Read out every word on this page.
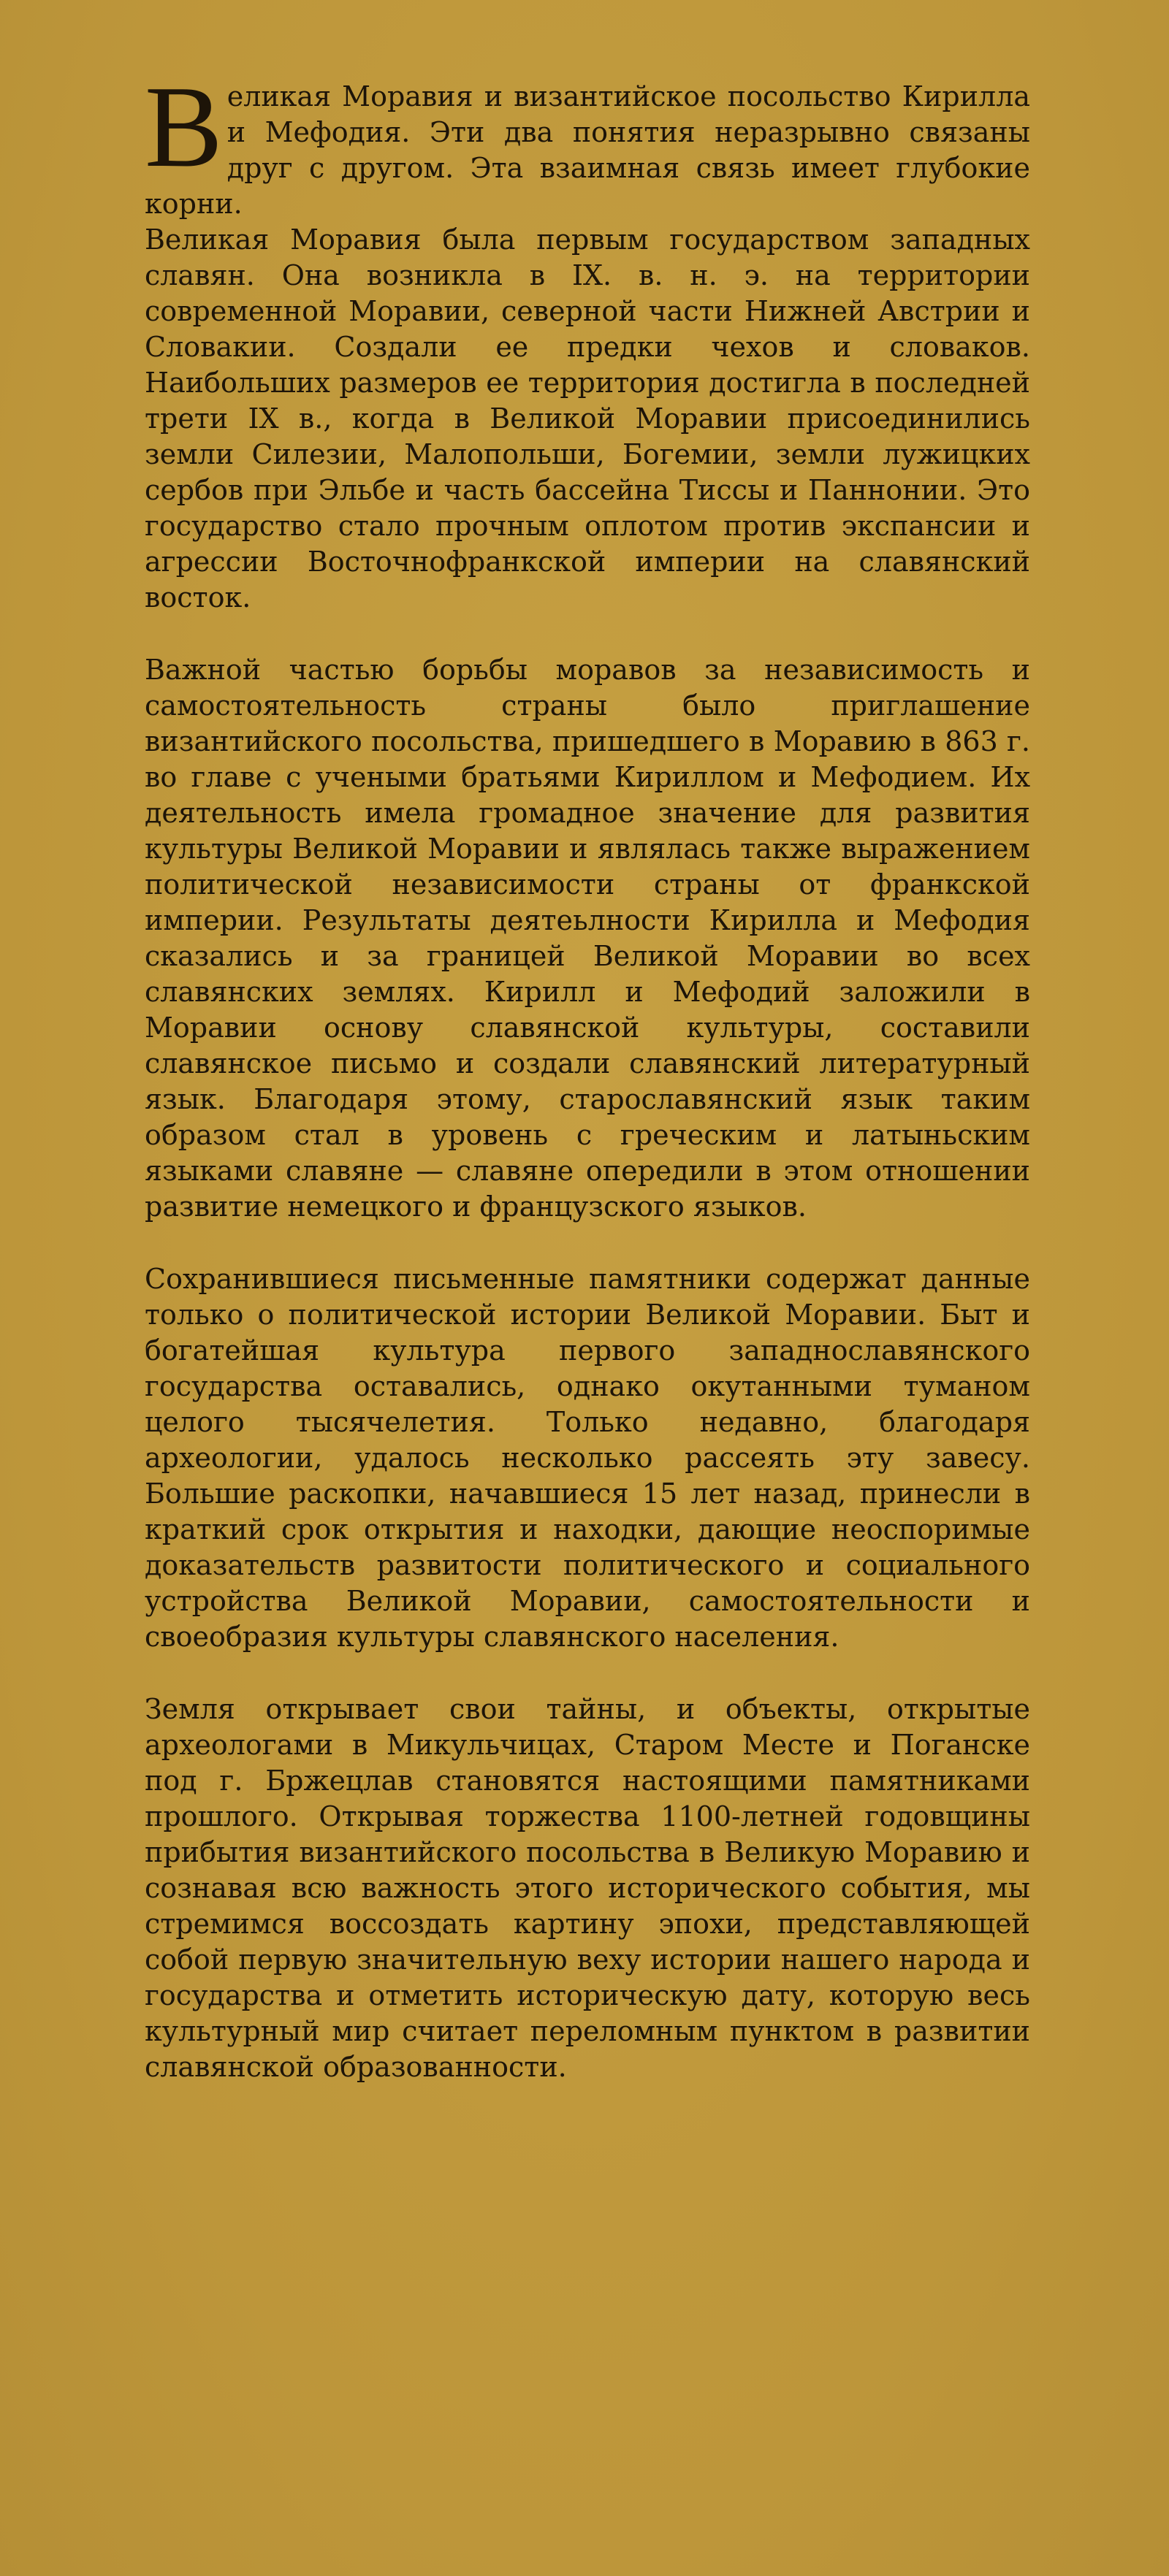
Великая Моравия и византийское посольство Кирилла и Мефодия. Эти два понятия неразрывно связаны друг с другом. Эта взаимная связь имеет глубокие корни.

Великая Моравия была первым государством западных славян. Она возникла в IX. в. н. э. на территории современной Моравии, северной части Нижней Австрии и Словакии. Создали ее предки чехов и словаков. Наибольших размеров ее территория достигла в последней трети IX в., когда в Великой Моравии присоединились земли Силезии, Малопольши, Богемии, земли лужицких сербов при Эльбе и часть бассейна Тиссы и Паннонии. Это государство стало прочным оплотом против экспансии и агрессии Восточнофранкской империи на славянский восток.

Важной частью борьбы моравов за независимость и самостоятельность страны было приглашение византийского посольства, пришедшего в Моравию в 863 г. во главе с учеными братьями Кириллом и Мефодием. Их деятельность имела громадное значение для развития культуры Великой Моравии и являлась также выражением политической независимости страны от франкской империи. Результаты деятеьлности Кирилла и Мефодия сказались и за границей Великой Моравии во всех славянских землях. Кирилл и Мефодий заложили в Моравии основу славянской культуры, составили славянское письмо и создали славянский литературный язык. Благодаря этому, старославянский язык таким образом стал в уровень с греческим и латыньским языками славяне — славяне опередили в этом отношении развитие немецкого и французского языков.

Сохранившиеся письменные памятники содержат данные только о политической истории Великой Моравии. Быт и богатейшая культура первого западнославянского государства оставались, однако окутанными туманом целого тысячелетия. Только недавно, благодаря археологии, удалось несколько рассеять эту завесу. Большие раскопки, начавшиеся 15 лет назад, принесли в краткий срок открытия и находки, дающие неоспоримые доказательств развитости политического и социального устройства Великой Моравии, самостоятельности и своеобразия культуры славянского населения.

Земля открывает свои тайны, и объекты, открытые археологами в Микульчицах, Старом Месте и Поганске под г. Бржецлав становятся настоящими памятниками прошлого. Открывая торжества 1100-летней годовщины прибытия византийского посольства в Великую Моравию и сознавая всю важность этого исторического события, мы стремимся воссоздать картину эпохи, представляющей собой первую значительную веху истории нашего народа и государства и отметить историческую дату, которую весь культурный мир считает переломным пунктом в развитии славянской образованности.
